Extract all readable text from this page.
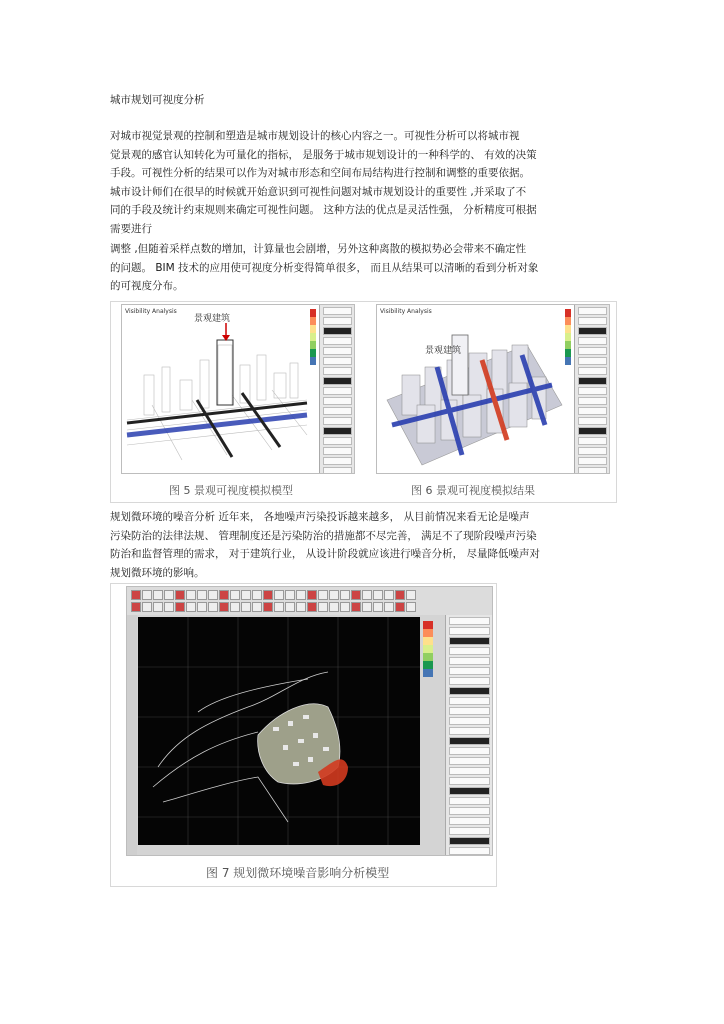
城市规划可视度分析
对城市视觉景观的控制和塑造是城市规划设计的核心内容之一。可视性分析可以将城市视
觉景观的感官认知转化为可量化的指标， 是服务于城市规划设计的一种科学的、 有效的决策
手段。可视性分析的结果可以作为对城市形态和空间布局结构进行控制和调整的重要依据。
城市设计师们在很早的时候就开始意识到可视性问题对城市规划设计的重要性 ,并采取了不
同的手段及统计约束规则来确定可视性问题。 这种方法的优点是灵活性强， 分析精度可根据
需要进行
调整 ,但随着采样点数的增加，计算量也会剧增，另外这种离散的模拟势必会带来不确定性
的问题。 BIM 技术的应用使可视度分析变得简单很多， 而且从结果可以清晰的看到分析对象
的可视度分布。
Visibility Analysis
景观建筑
Visibility Analysis
景观建筑
图 5 景观可视度模拟模型	图 6 景观可视度模拟结果
规划微环境的噪音分析 近年来， 各地噪声污染投诉越来越多， 从目前情况来看无论是噪声
污染防治的法律法规、 管理制度还是污染防治的措施都不尽完善， 满足不了现阶段噪声污染
防治和监督管理的需求， 对于建筑行业， 从设计阶段就应该进行噪音分析， 尽量降低噪声对
规划微环境的影响。
图 7 规划微环境噪音影响分析模型
